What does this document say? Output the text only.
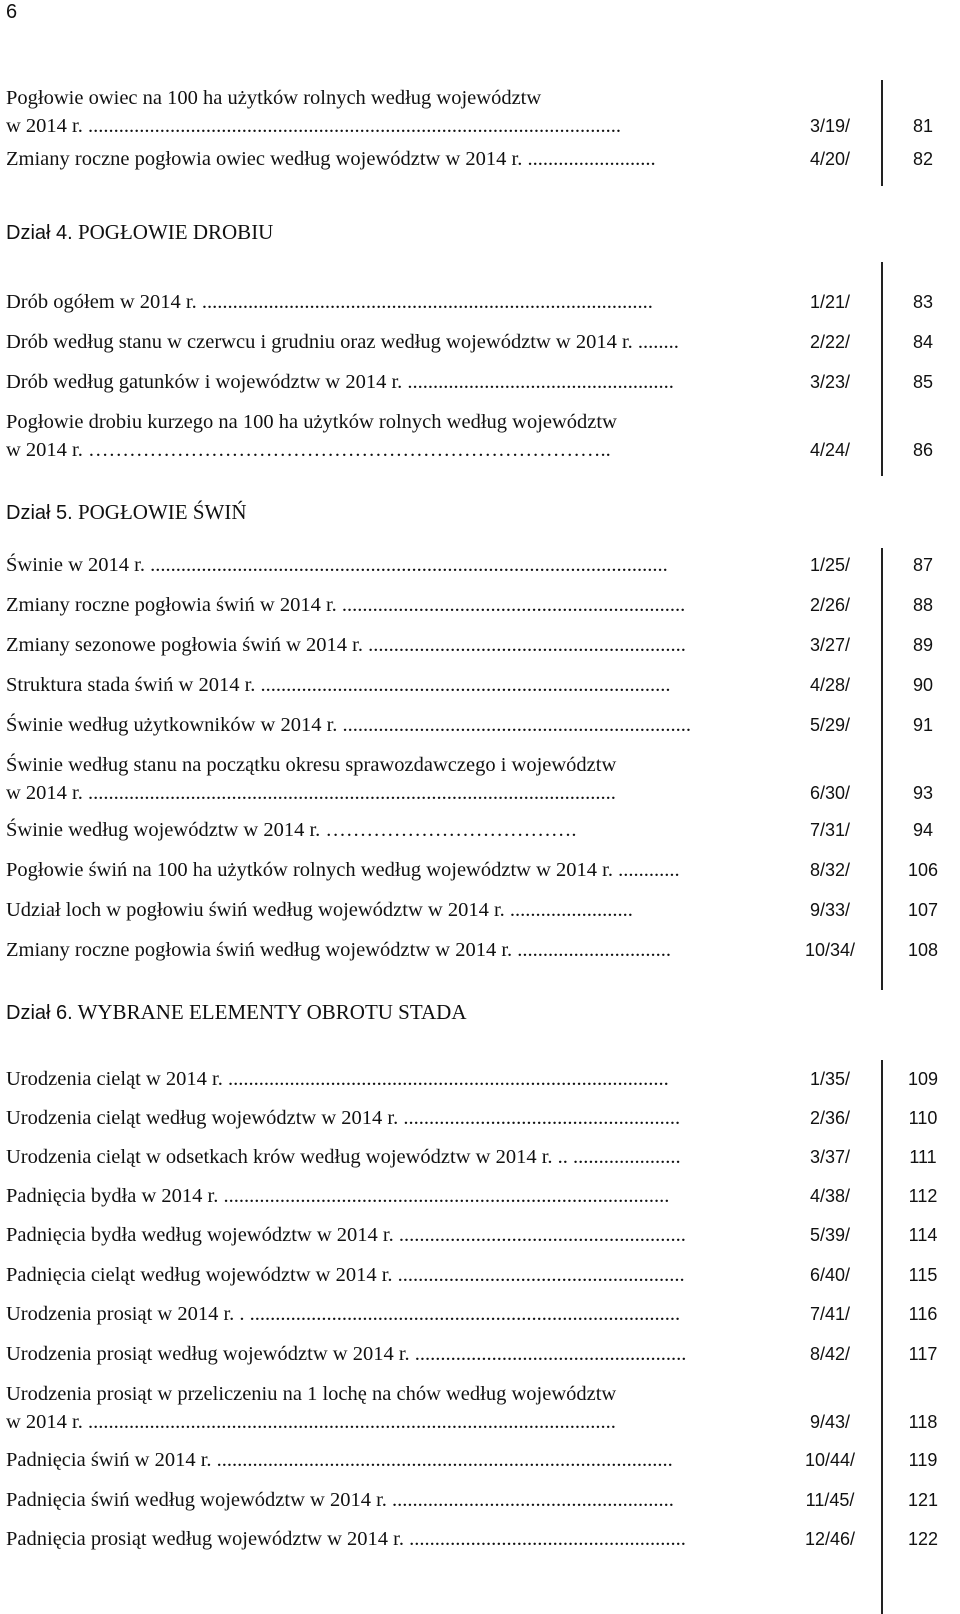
6
Pogłowie owiec na 100 ha użytków rolnych według województw
w 2014 r. ........................................................................................................	3/19/	81
Zmiany roczne pogłowia owiec według województw w 2014 r. .........................	4/20/	82
Dział 4. POGŁOWIE DROBIU
Drób ogółem w 2014 r. ........................................................................................	1/21/	83
Drób według stanu w czerwcu i grudniu oraz według województw w 2014 r. ........	2/22/	84
Drób według gatunków i województw w 2014 r. ....................................................	3/23/	85
Pogłowie drobiu kurzego na 100 ha użytków rolnych według województw
w 2014 r. …………………………………………………………………..	4/24/	86
Dział 5. POGŁOWIE ŚWIŃ
Świnie w 2014 r. .....................................................................................................	1/25/	87
Zmiany roczne pogłowia świń w 2014 r. ...................................................................	2/26/	88
Zmiany sezonowe pogłowia świń w 2014 r. ..............................................................	3/27/	89
Struktura stada świń w 2014 r. ................................................................................	4/28/	90
Świnie według użytkowników w 2014 r. ....................................................................	5/29/	91
Świnie według stanu na początku okresu sprawozdawczego i województw
w 2014 r. .......................................................................................................	6/30/	93
Świnie według województw w 2014 r. ……………………………….	7/31/	94
Pogłowie świń na 100 ha użytków rolnych według województw w 2014 r. ............	8/32/	106
Udział loch w pogłowiu świń według województw w 2014 r. ........................	9/33/	107
Zmiany roczne pogłowia świń według województw w 2014 r. ..............................	10/34/	108
Dział 6. WYBRANE ELEMENTY OBROTU STADA
Urodzenia cieląt w 2014 r. ......................................................................................	1/35/	109
Urodzenia cieląt według województw w 2014 r. ......................................................	2/36/	110
Urodzenia cieląt w odsetkach krów według województw w 2014 r. .. .....................	3/37/	111
Padnięcia bydła w 2014 r. .......................................................................................	4/38/	112
Padnięcia bydła według województw w 2014 r. ........................................................	5/39/	114
Padnięcia cieląt według województw w 2014 r. ........................................................	6/40/	115
Urodzenia prosiąt w 2014 r. . ....................................................................................	7/41/	116
Urodzenia prosiąt według województw w 2014 r. .....................................................	8/42/	117
Urodzenia prosiąt w przeliczeniu na 1 lochę na chów według województw
w 2014 r. .......................................................................................................	9/43/	118
Padnięcia świń w 2014 r. .........................................................................................	10/44/	119
Padnięcia świń według województw w 2014 r. .......................................................	11/45/	121
Padnięcia prosiąt według województw w 2014 r. ......................................................	12/46/	122
